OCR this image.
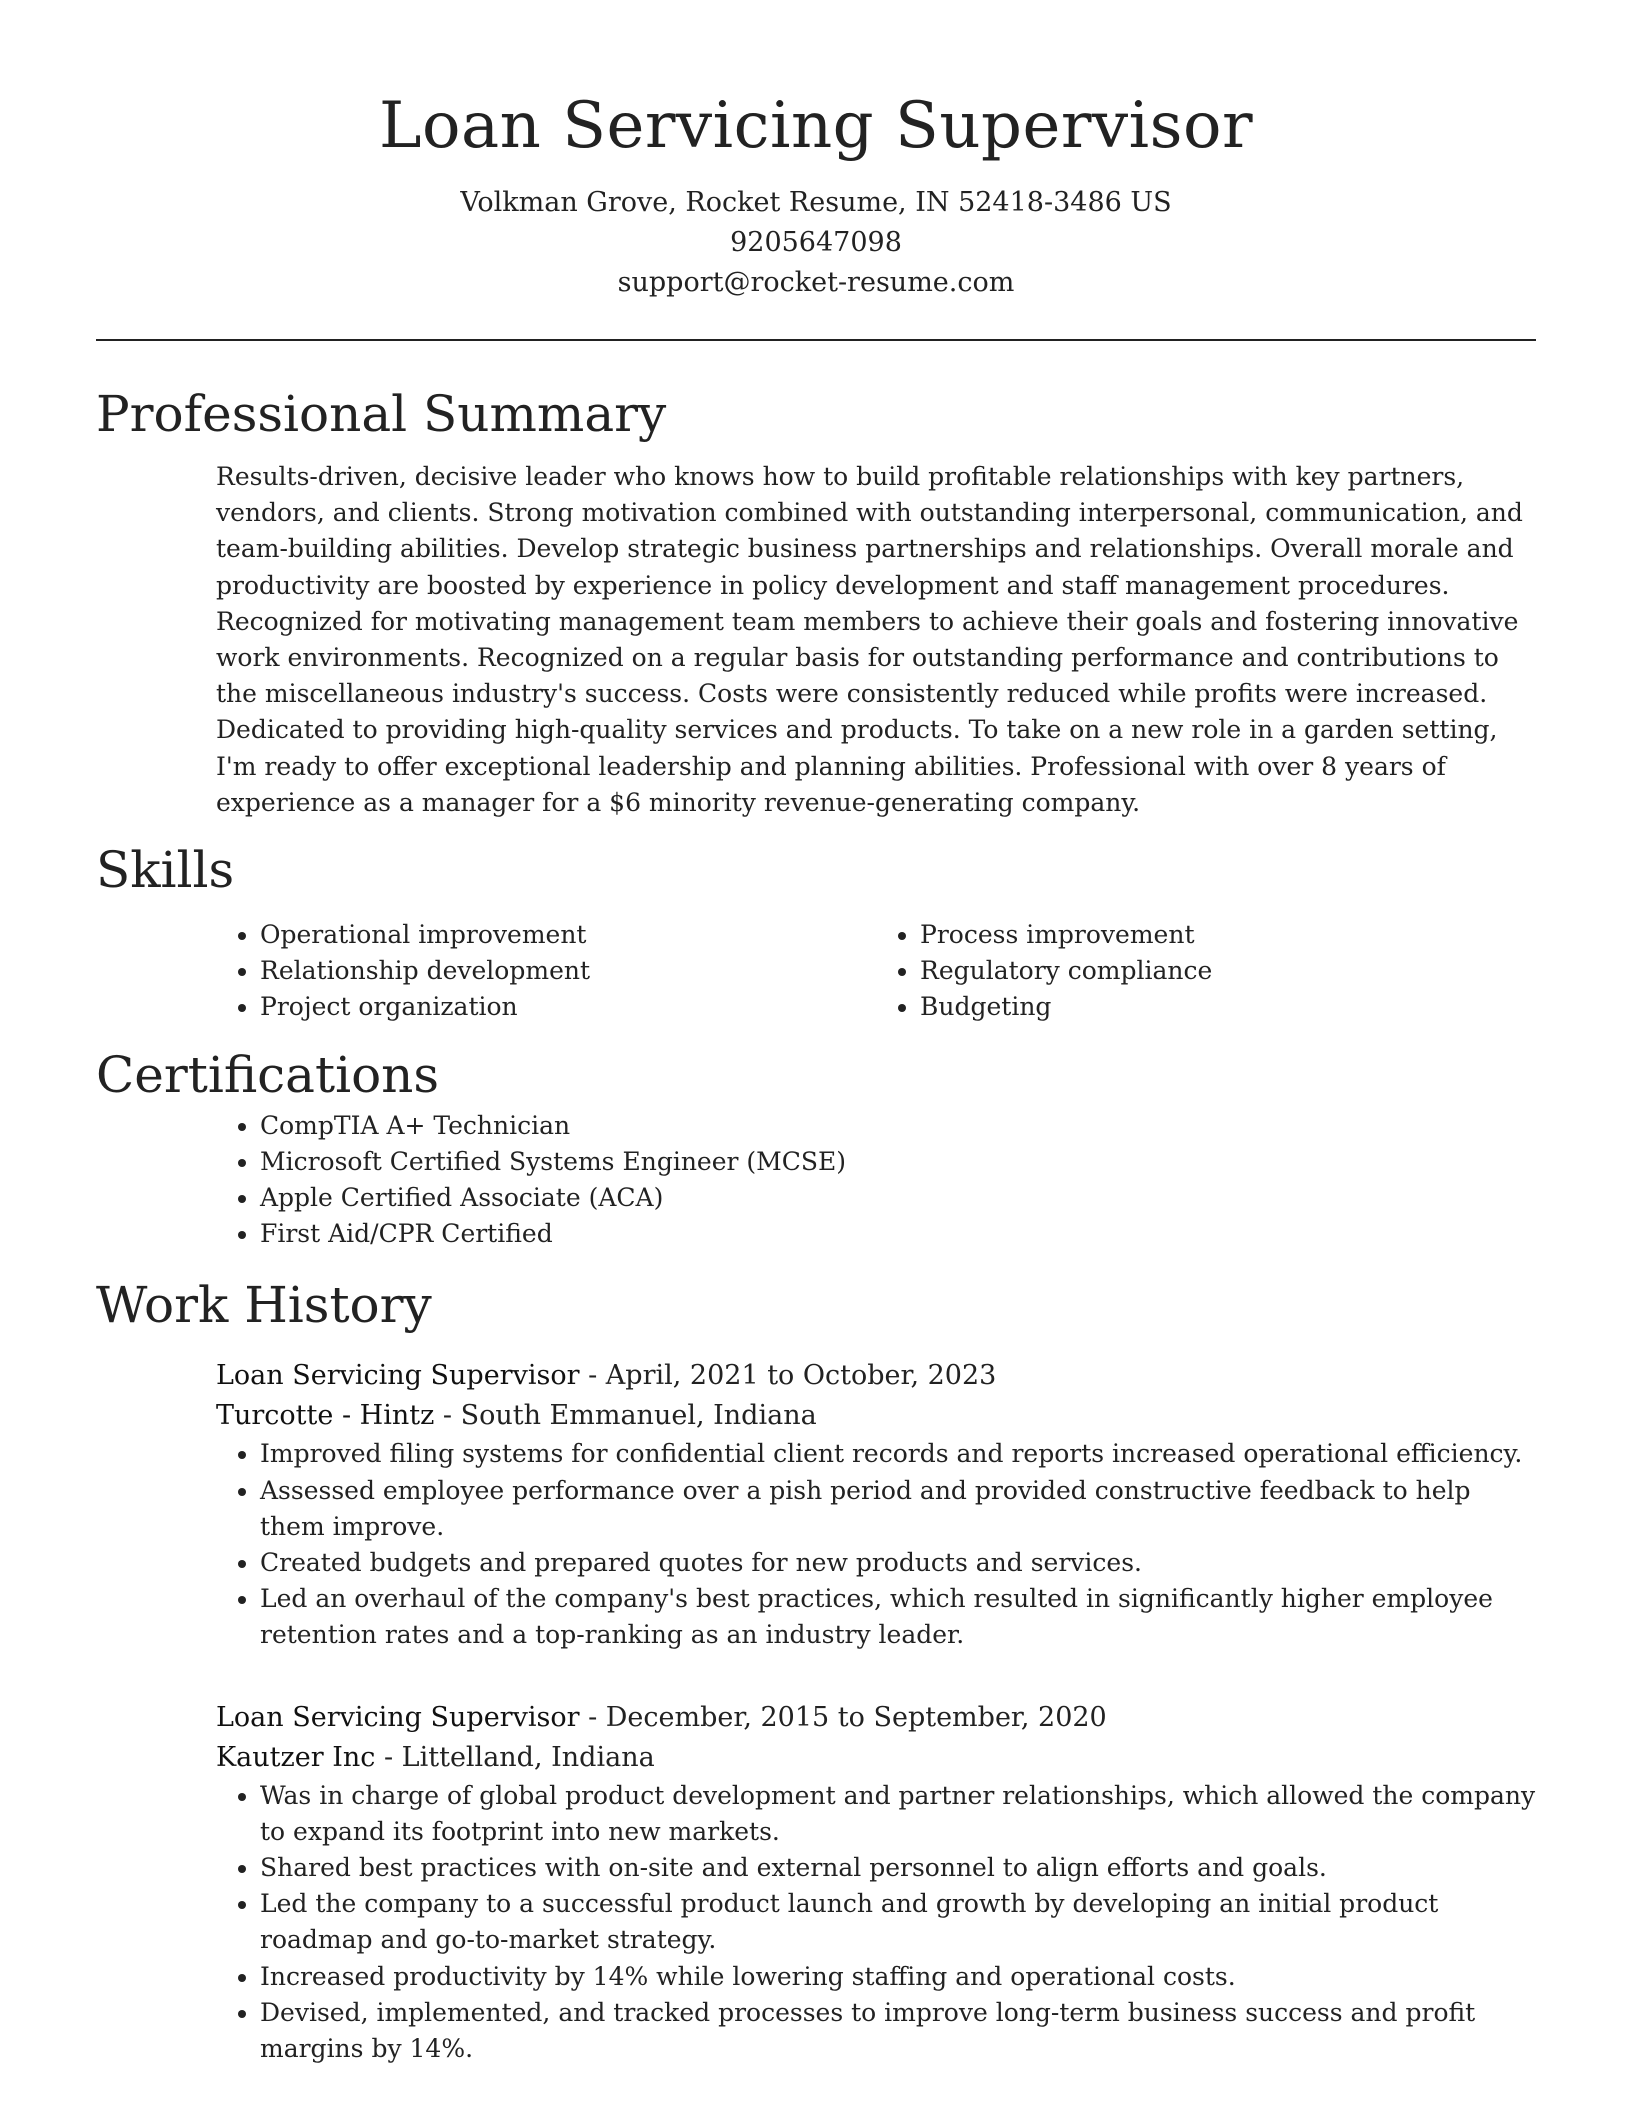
Loan Servicing Supervisor
Volkman Grove, Rocket Resume, IN 52418-3486 US
9205647098
support@rocket-resume.com
Professional Summary

Results-driven, decisive leader who knows how to build profitable relationships with key partners, vendors, and clients. Strong motivation combined with outstanding interpersonal, communication, and team-building abilities. Develop strategic business partnerships and relationships. Overall morale and productivity are boosted by experience in policy development and staff management procedures. Recognized for motivating management team members to achieve their goals and fostering innovative work environments. Recognized on a regular basis for outstanding performance and contributions to the miscellaneous industry's success. Costs were consistently reduced while profits were increased. Dedicated to providing high-quality services and products. To take on a new role in a garden setting, I'm ready to offer exceptional leadership and planning abilities. Professional with over 8 years of experience as a manager for a $6 minority revenue-generating company.

Skills
• Operational improvement
• Relationship development
• Project organization
• Process improvement
• Regulatory compliance
• Budgeting
Certifications
• CompTIA A+ Technician
• Microsoft Certified Systems Engineer (MCSE)
• Apple Certified Associate (ACA)
• First Aid/CPR Certified
Work History
Loan Servicing Supervisor - April, 2021 to October, 2023
Turcotte - Hintz - South Emmanuel, Indiana
• Improved filing systems for confidential client records and reports increased operational efficiency.
• Assessed employee performance over a pish period and provided constructive feedback to help them improve.
• Created budgets and prepared quotes for new products and services.
• Led an overhaul of the company's best practices, which resulted in significantly higher employee retention rates and a top-ranking as an industry leader.
Loan Servicing Supervisor - December, 2015 to September, 2020
Kautzer Inc - Littelland, Indiana
• Was in charge of global product development and partner relationships, which allowed the company to expand its footprint into new markets.
• Shared best practices with on-site and external personnel to align efforts and goals.
• Led the company to a successful product launch and growth by developing an initial product roadmap and go-to-market strategy.
• Increased productivity by 14% while lowering staffing and operational costs.
• Devised, implemented, and tracked processes to improve long-term business success and profit margins by 14%.
